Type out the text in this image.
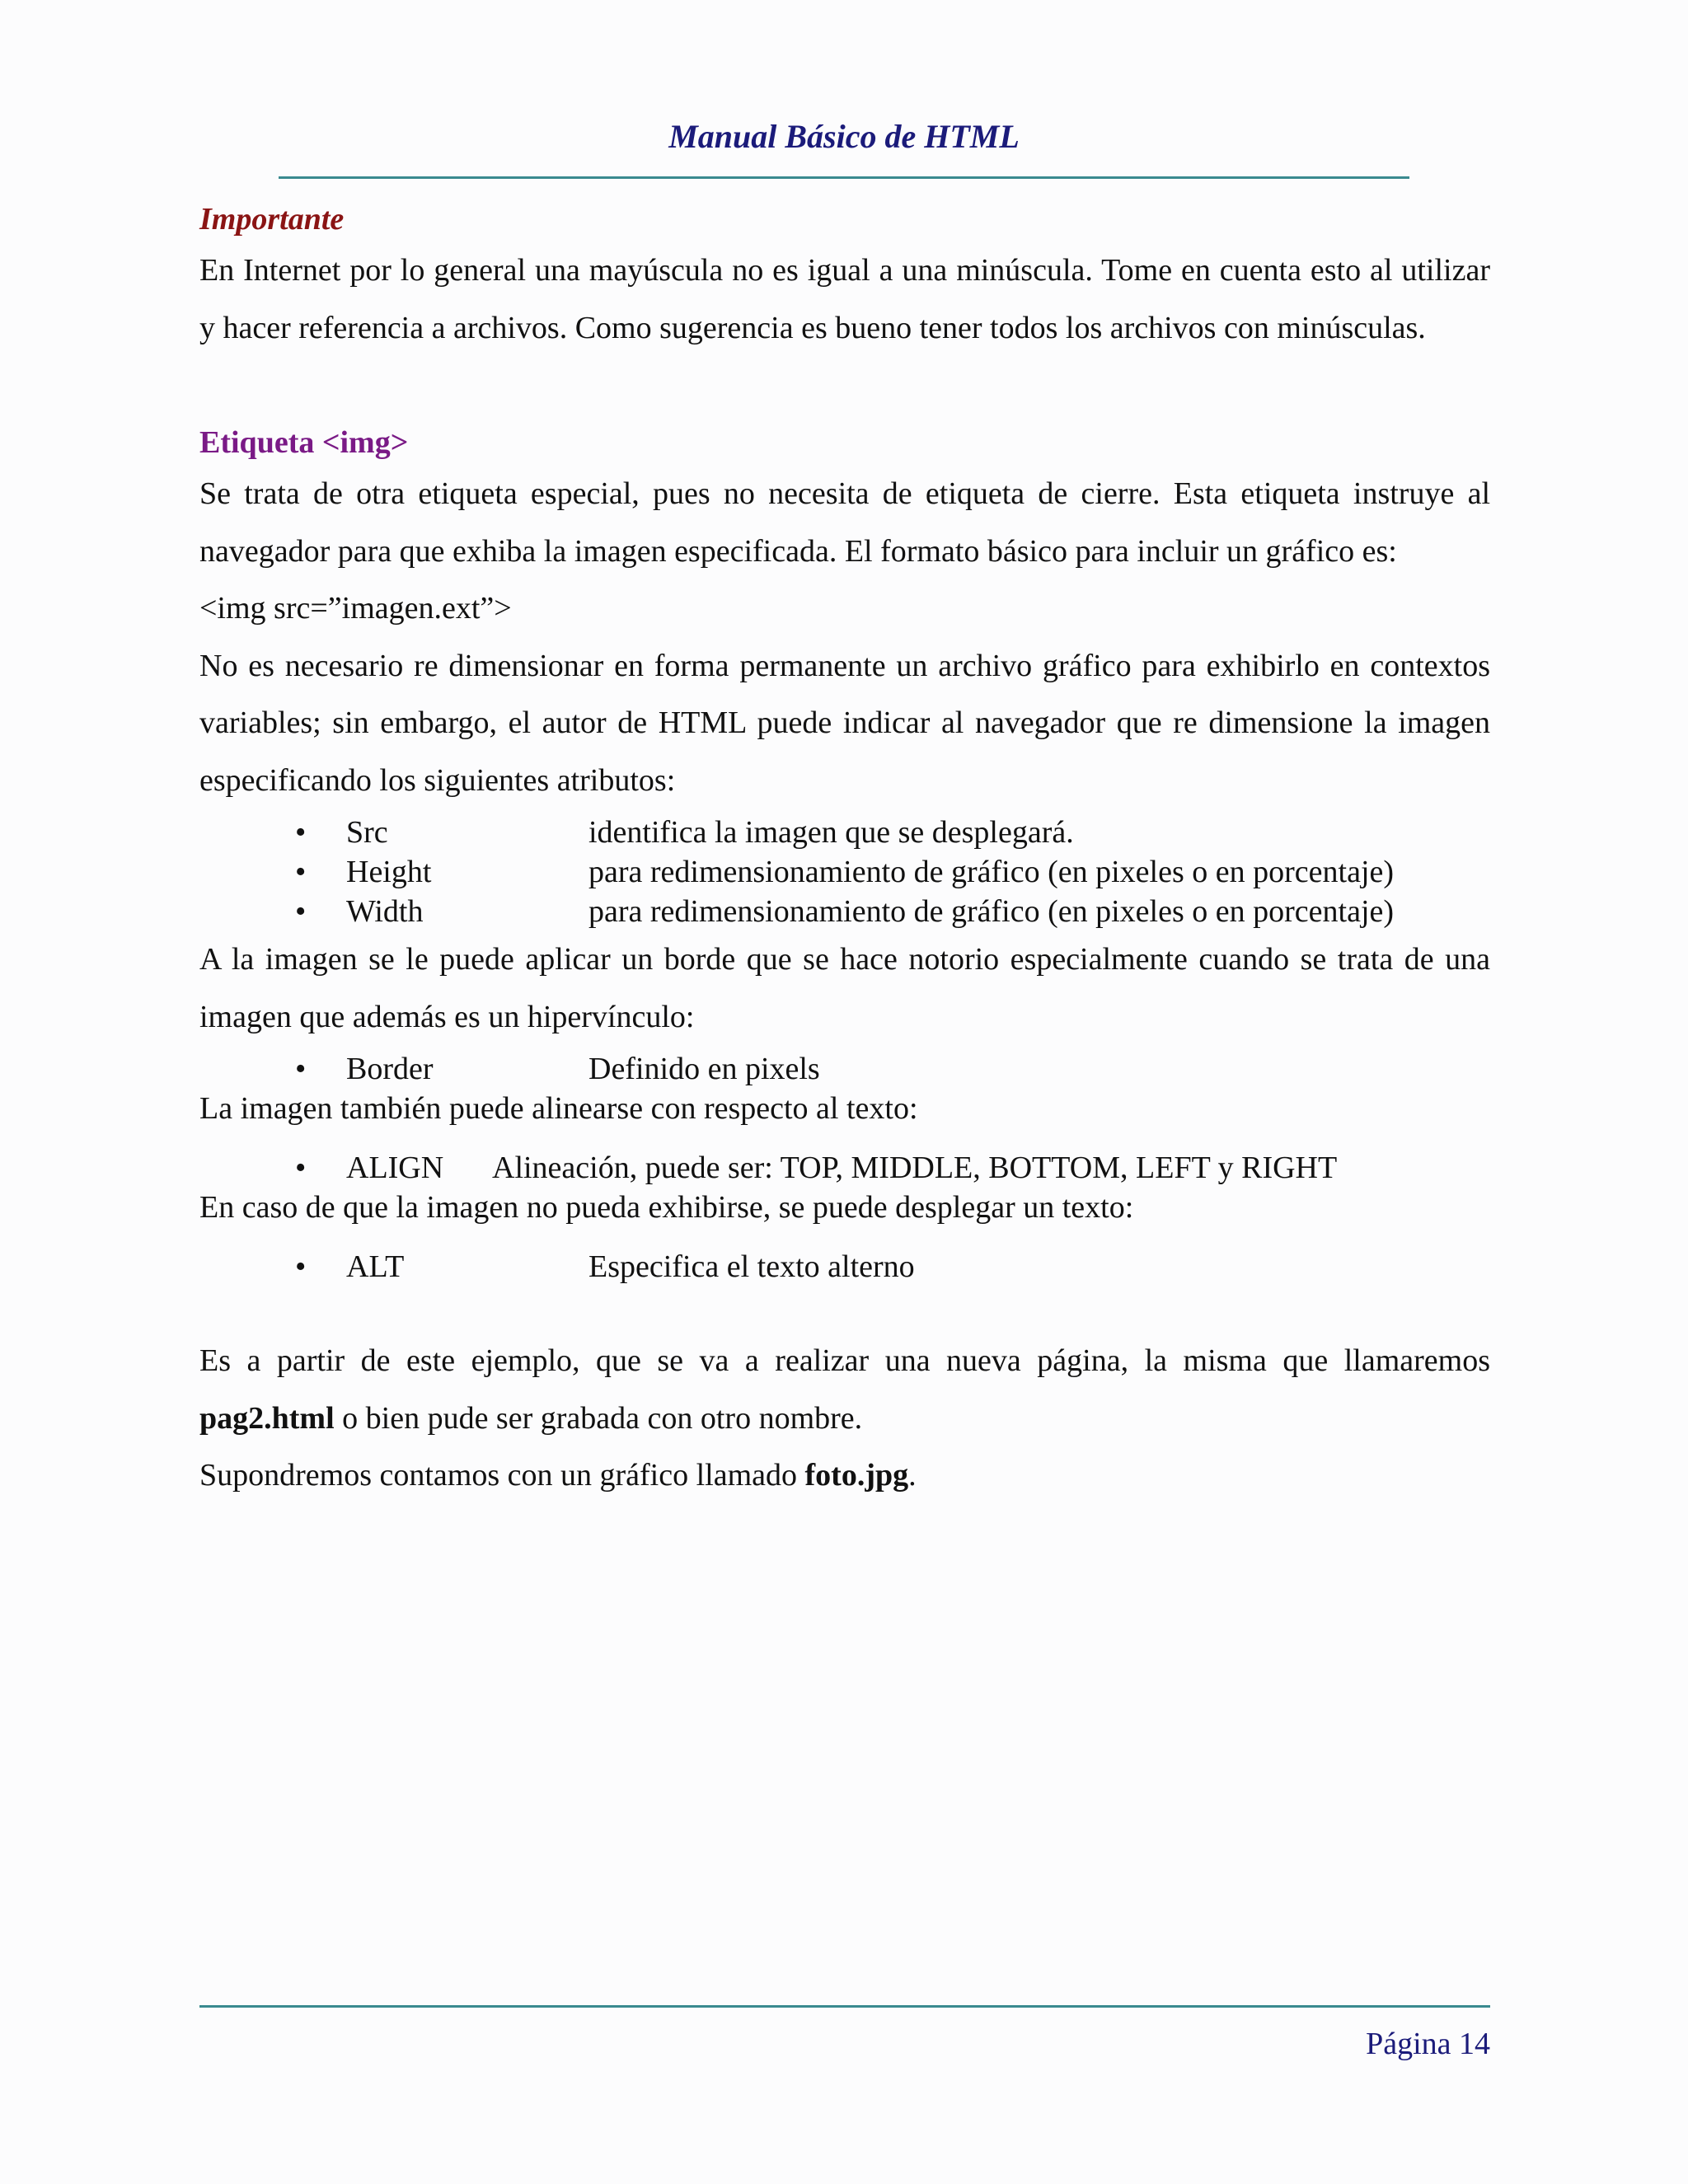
Manual Básico de HTML
Importante

En Internet por lo general una mayúscula no es igual a una minúscula. Tome en cuenta esto al utilizar y hacer referencia a archivos. Como sugerencia es bueno tener todos los archivos con minúsculas.

Etiqueta <img>

Se trata de otra etiqueta especial, pues no necesita de etiqueta de cierre. Esta etiqueta instruye al navegador para que exhiba la imagen especificada. El formato básico para incluir un gráfico es:

<img src=”imagen.ext”>

No es necesario re dimensionar en forma permanente un archivo gráfico para exhibirlo en contextos variables; sin embargo, el autor de HTML puede indicar al navegador que re dimensione la imagen especificando los siguientes atributos:

• Src	identifica la imagen que se desplegará.
• Height	para redimensionamiento de gráfico (en pixeles o en porcentaje)
• Width	para redimensionamiento de gráfico (en pixeles o en porcentaje)

A la imagen se le puede aplicar un borde que se hace notorio especialmente cuando se trata de una imagen que además es un hipervínculo:

• Border	Definido en pixels

La imagen también puede alinearse con respecto al texto:

• ALIGN Alineación, puede ser: TOP, MIDDLE, BOTTOM, LEFT y RIGHT

En caso de que la imagen no pueda exhibirse, se puede desplegar un texto:

• ALT	Especifica el texto alterno

Es a partir de este ejemplo, que se va a realizar una nueva página, la misma que llamaremos pag2.html o bien pude ser grabada con otro nombre.

Supondremos contamos con un gráfico llamado foto.jpg.

Página 14
